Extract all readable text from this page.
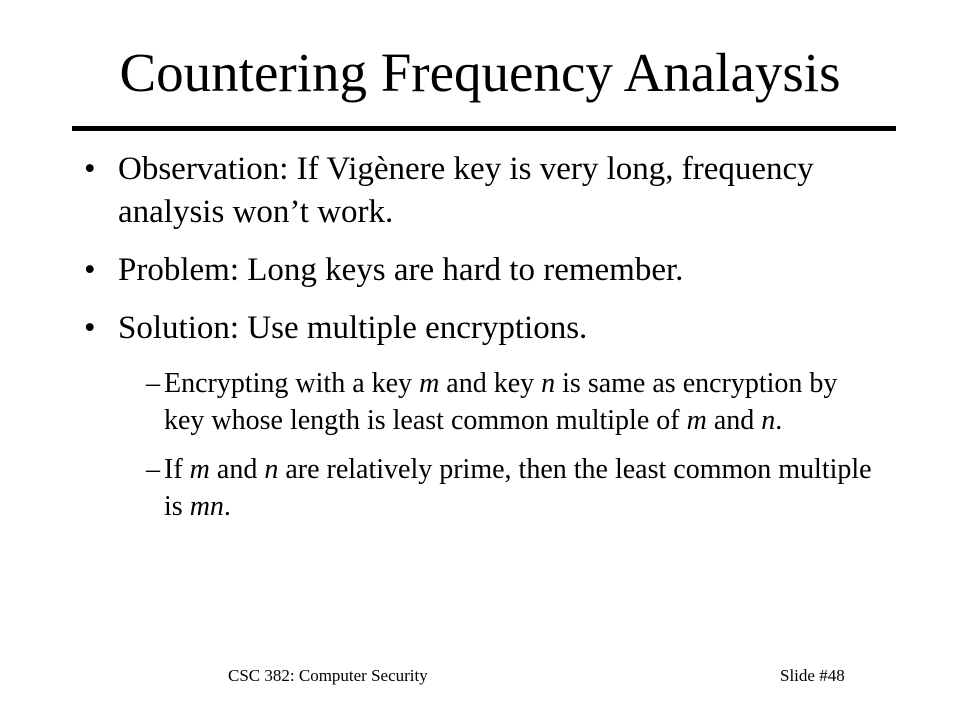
Countering Frequency Analaysis
• Observation: If Vigènere key is very long, frequency analysis won’t work.
• Problem: Long keys are hard to remember.
• Solution: Use multiple encryptions.
– Encrypting with a key m and key n is same as encryption by key whose length is least common multiple of m and n.
– If m and n are relatively prime, then the least common multiple is mn.
CSC 382: Computer Security	Slide #48
